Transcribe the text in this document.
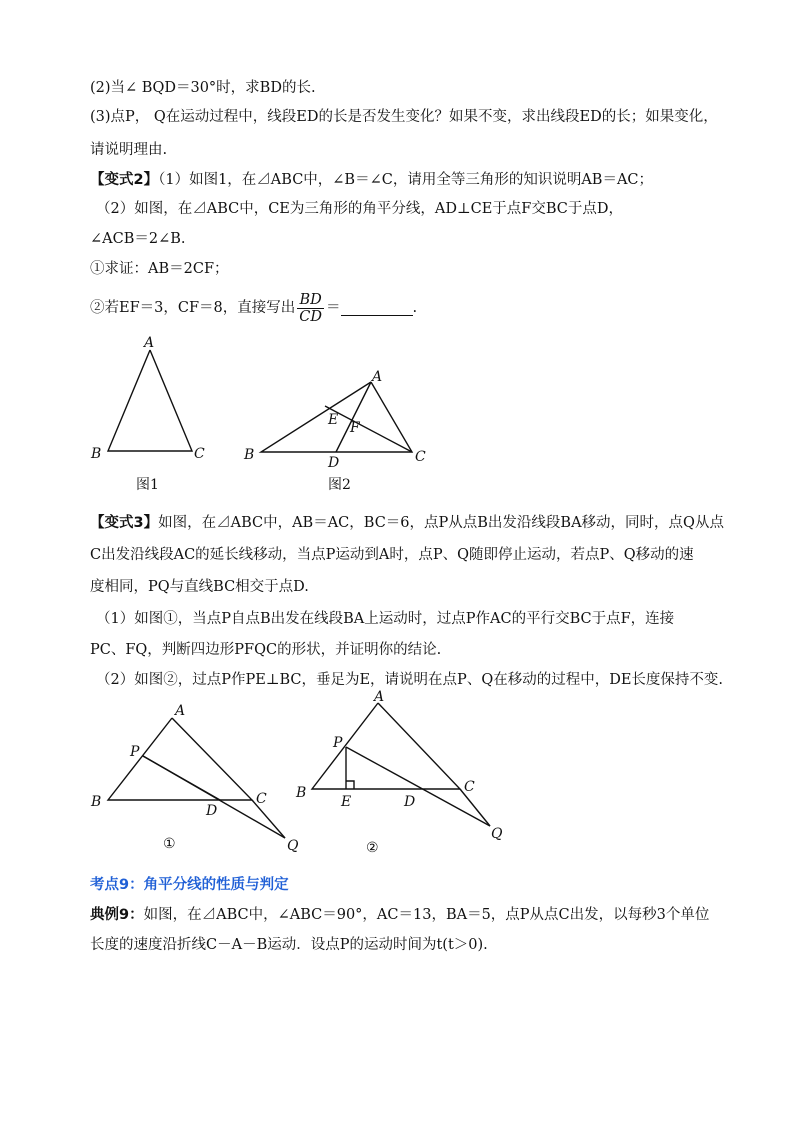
(2)当∠ BQD＝30°时，求BD的长.
(3)点P， Q在运动过程中，线段ED的长是否发生变化？如果不变，求出线段ED的长；如果变化，
请说明理由.
【变式2】（1）如图1，在⊿ABC中，∠B＝∠C，请用全等三角形的知识说明AB＝AC；
（2）如图，在⊿ABC中，CE为三角形的角平分线，AD⊥CE于点F交BC于点D，
∠ACB＝2∠B.
①求证：AB＝2CF；
②若EF＝3，CF＝8，直接写出 $\frac{BD}{CD}$ ＝	.
A
B	C
图1
A
B	C
D
E F
图2
A
B	C
D
P
Q
①
A
B	C
D
E
P
Q
②
【变式3】如图，在⊿ABC中，AB＝AC，BC＝6，点P从点B出发沿线段BA移动，同时，点Q从点
C出发沿线段AC的延长线移动，当点P运动到A时，点P、Q随即停止运动，若点P、Q移动的速
度相同，PQ与直线BC相交于点D.
（1）如图①，当点P自点B出发在线段BA上运动时，过点P作AC的平行交BC于点F，连接
PC、FQ，判断四边形PFQC的形状，并证明你的结论.
（2）如图②，过点P作PE⊥BC，垂足为E，请说明在点P、Q在移动的过程中，DE长度保持不变.
考点9：角平分线的性质与判定
典例9：如图，在⊿ABC中，∠ABC＝90°，AC＝13，BA＝5，点P从点C出发，以每秒3个单位
长度的速度沿折线C－A－B运动．设点P的运动时间为t(t＞0).
